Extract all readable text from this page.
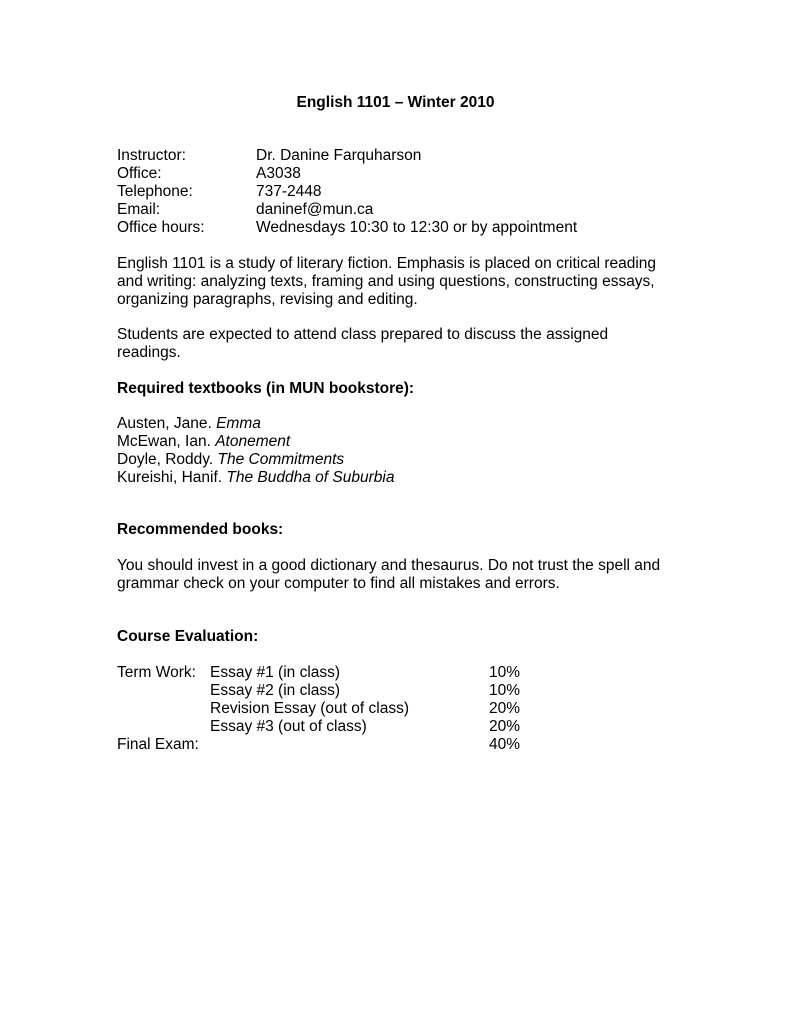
English 1101 – Winter 2010
Instructor:	Dr. Danine Farquharson
Office:	A3038
Telephone:	737-2448
Email:	daninef@mun.ca
Office hours:	Wednesdays 10:30 to 12:30 or by appointment
English 1101 is a study of literary fiction. Emphasis is placed on critical reading
and writing: analyzing texts, framing and using questions, constructing essays,
organizing paragraphs, revising and editing.
Students are expected to attend class prepared to discuss the assigned
readings.
Required textbooks (in MUN bookstore):
Austen, Jane. Emma
McEwan, Ian. Atonement
Doyle, Roddy. The Commitments
Kureishi, Hanif. The Buddha of Suburbia
Recommended books:
You should invest in a good dictionary and thesaurus. Do not trust the spell and
grammar check on your computer to find all mistakes and errors.
Course Evaluation:
Term Work: Essay #1 (in class)	10%
Essay #2 (in class)	10%
Revision Essay (out of class)	20%
Essay #3 (out of class)	20%
Final Exam:	40%
